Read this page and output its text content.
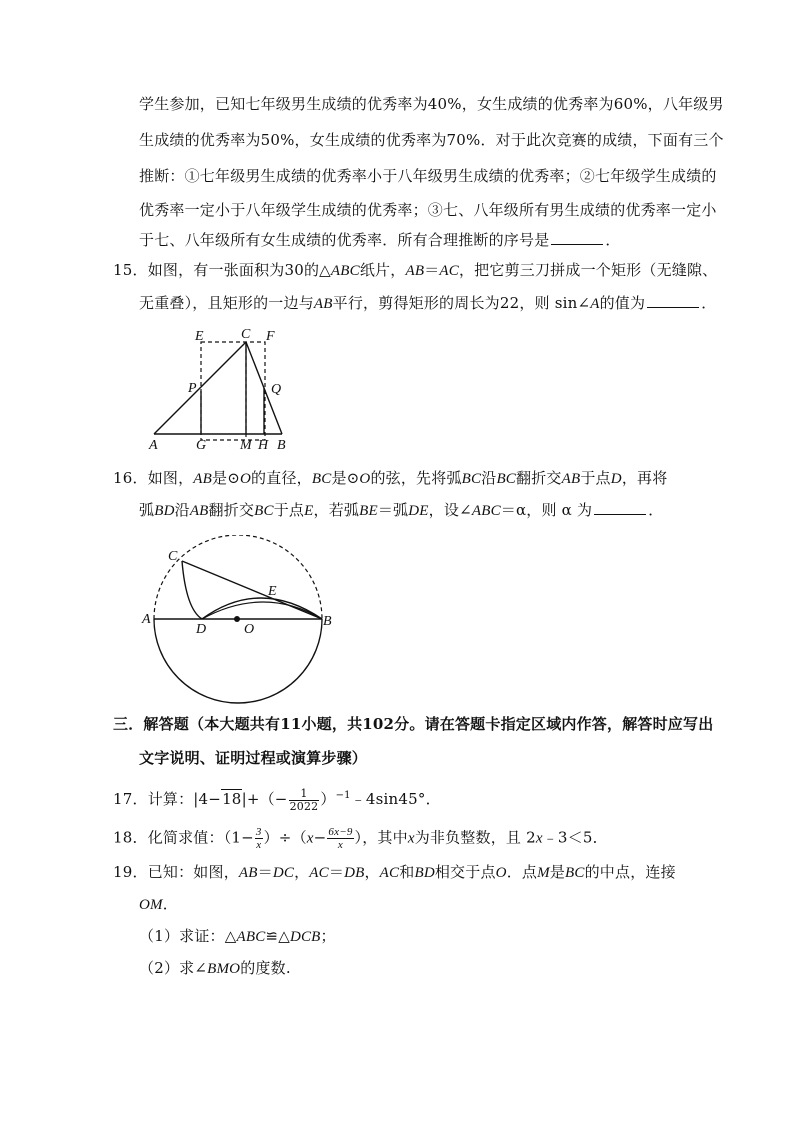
学生参加，已知七年级男生成绩的优秀率为40%，女生成绩的优秀率为60%，八年级男
生成绩的优秀率为50%，女生成绩的优秀率为70%．对于此次竞赛的成绩，下面有三个
推断：①七年级男生成绩的优秀率小于八年级男生成绩的优秀率；②七年级学生成绩的
优秀率一定小于八年级学生成绩的优秀率；③七、八年级所有男生成绩的优秀率一定小
于七、八年级所有女生成绩的优秀率．所有合理推断的序号是	．
15．如图，有一张面积为30的△ABC纸片，AB＝AC，把它剪三刀拼成一个矩形（无缝隙、
无重叠），且矩形的一边与AB平行，剪得矩形的周长为22，则 sin∠A的值为	．
E	C F
P	Q
A	G M H B
16．如图，AB是⊙O的直径，BC是⊙O的弦，先将弧BC沿BC翻折交AB于点D，再将
弧BD沿AB翻折交BC于点E，若弧BE＝弧DE，设∠ABC＝α，则 α 为	．
C
E
A
D	O
B
三．解答题（本大题共有11小题，共102分。请在答题卡指定区域内作答，解答时应写出
文字说明、证明过程或演算步骤）
17．计算：$|4-18|+(- \frac{1}{2022}$ ）$^{-1}﹣4\sin 45^\circ$．
18．化简求值：$(1- \frac{3}{x} )\div(x- \frac{6x-9}{x}$ ），其中x为非负整数，且 2x﹣3＜5．
19．已知：如图，AB＝DC，AC＝DB，AC和BD相交于点O．点M是BC的中点，连接
OM．
（1）求证：△ABC≌△DCB；
（2）求∠BMO的度数.
